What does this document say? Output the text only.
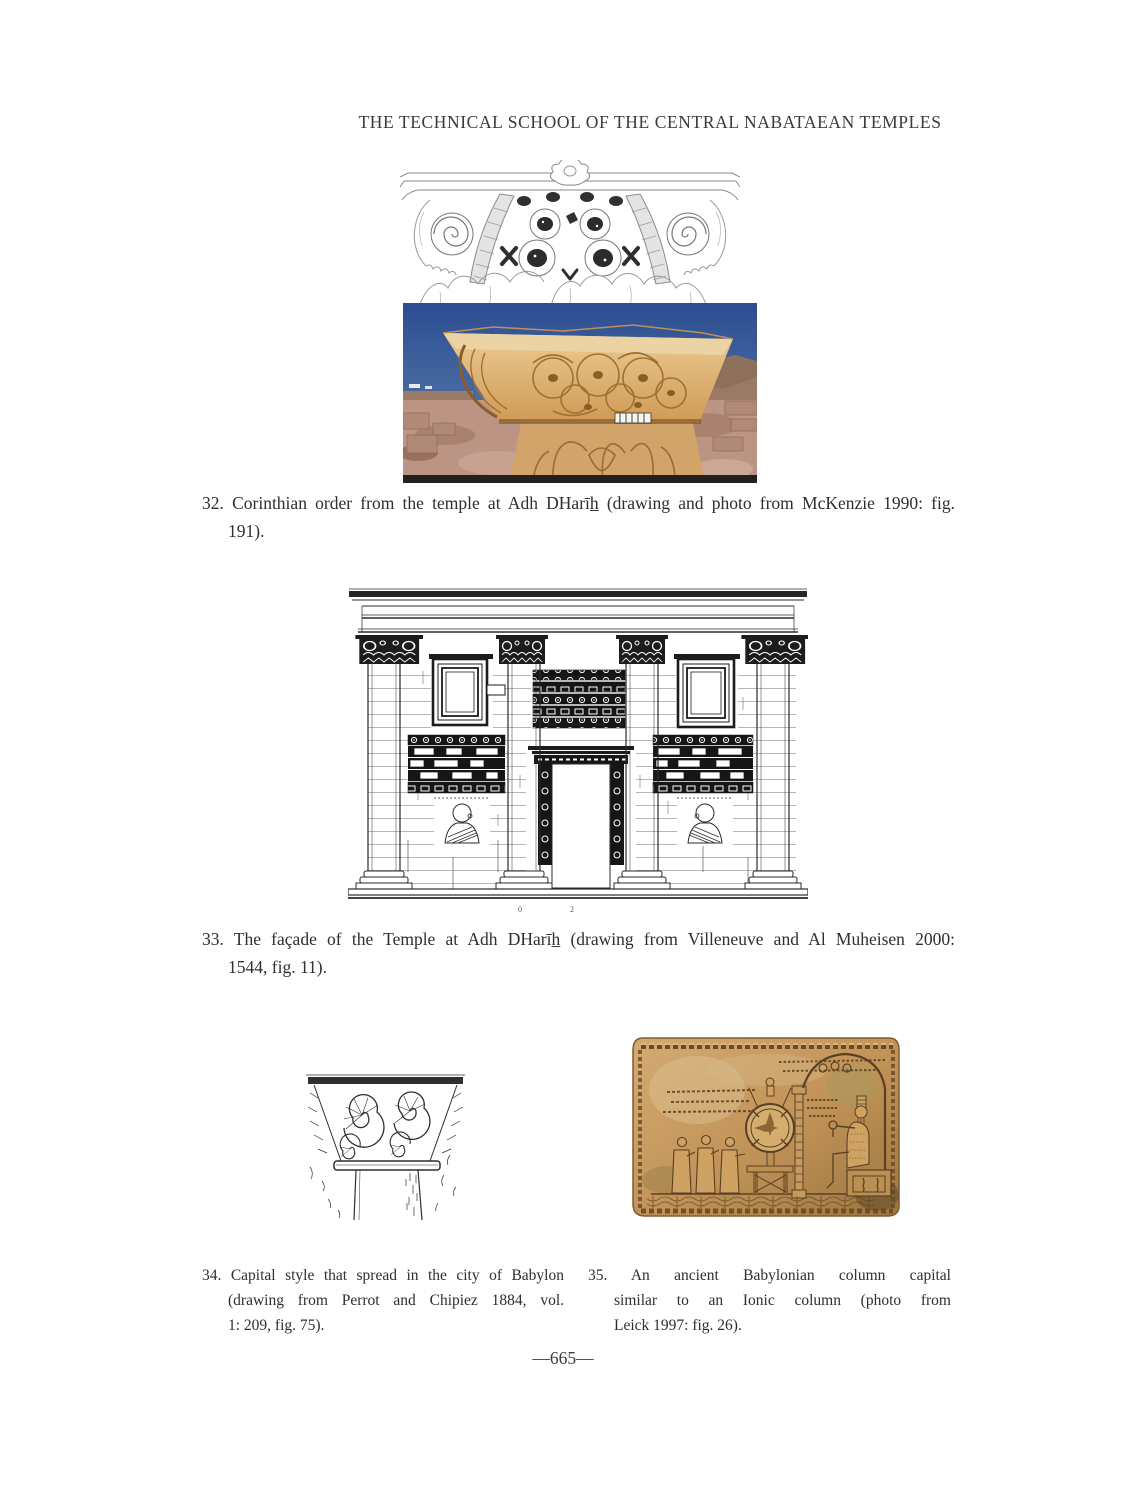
THE TECHNICAL SCHOOL OF THE CENTRAL NABATAEAN TEMPLES
32. Corinthian order from the temple at Adh DHarīh̲ (drawing and photo from McKenzie 1990: fig.
191).
0	2
33. The façade of the Temple at Adh DHarīh̲ (drawing from Villeneuve and Al Muheisen 2000:
1544, fig. 11).
34. Capital style that spread in the city of Babylon
(drawing from Perrot and Chipiez 1884, vol.
1: 209, fig. 75).
35. An ancient Babylonian column capital
similar to an Ionic column (photo from
Leick 1997: fig. 26).
—665—
